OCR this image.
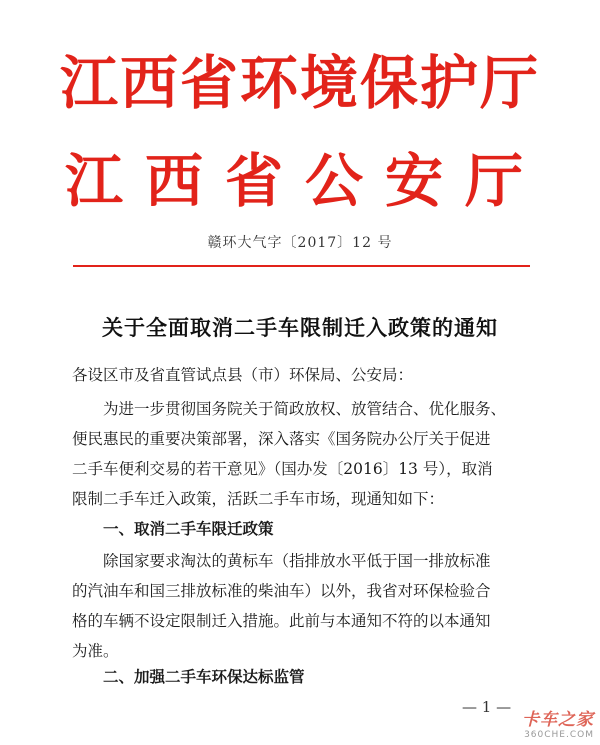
江西省环境保护厅
江西省公安厅
赣环大气字〔2017〕12 号
关于全面取消二手车限制迁入政策的通知
各设区市及省直管试点县（市）环保局、公安局：
为进一步贯彻国务院关于简政放权、放管结合、优化服务、
便民惠民的重要决策部署，深入落实《国务院办公厅关于促进
二手车便利交易的若干意见》（国办发〔2016〕13 号），取消
限制二手车迁入政策，活跃二手车市场，现通知如下：
一、取消二手车限迁政策
除国家要求淘汰的黄标车（指排放水平低于国一排放标准
的汽油车和国三排放标准的柴油车）以外，我省对环保检验合
格的车辆不设定限制迁入措施。此前与本通知不符的以本通知
为准。
二、加强二手车环保达标监管
— 1 —
卡车之家
360CHE.COM
